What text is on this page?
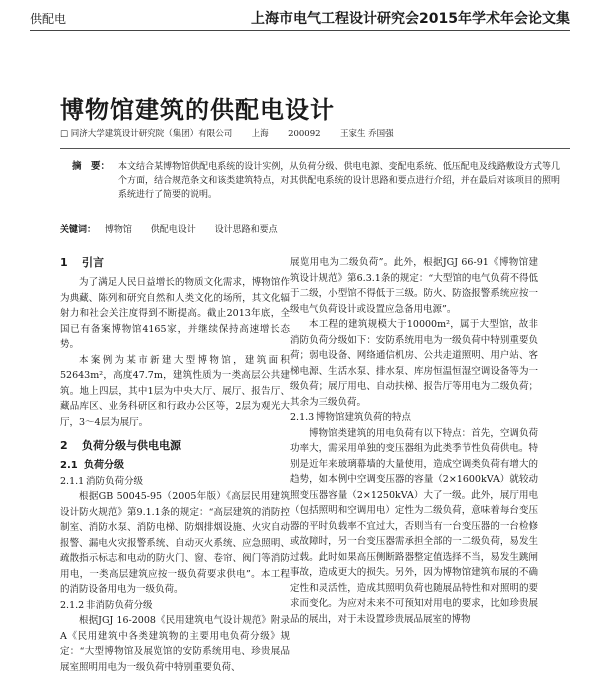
供配电	上海市电气工程设计研究会2015年学术年会论文集
博物馆建筑的供配电设计
□ 同济大学建筑设计研究院（集团）有限公司 上海 200092 王家生 乔国强
摘　要： 本文结合某博物馆供配电系统的设计实例，从负荷分级、供电电源、变配电系统、低压配电及线路敷设方式等几个方面，结合规范条文和该类建筑特点，对其供配电系统的设计思路和要点进行介绍，并在最后对该项目的照明系统进行了简要的说明。
关键词： 博物馆 供配电设计 设计思路和要点
1 引言

为了满足人民日益增长的物质文化需求，博物馆作为典藏、陈列和研究自然和人类文化的场所，其文化辐射力和社会关注度得到不断提高。截止2013年底，全国已有备案博物馆4165家，并继续保持高速增长态势。

本案例为某市新建大型博物馆，建筑面积52643m²，高度47.7m，建筑性质为一类高层公共建筑。地上四层，其中1层为中央大厅、展厅、报告厅、藏品库区、业务科研区和行政办公区等，2层为观光大厅，3～4层为展厅。

2 负荷分级与供电电源
2.1 负荷分级
2.1.1 消防负荷分级

根据GB 50045-95（2005年版）《高层民用建筑设计防火规范》第9.1.1条的规定：“高层建筑的消防控制室、消防水泵、消防电梯、防烟排烟设施、火灾自动报警、漏电火灾报警系统、自动灭火系统、应急照明、疏散指示标志和电动的防火门、窗、卷帘、阀门等消防用电，一类高层建筑应按一级负荷要求供电”。本工程的消防设备用电为一级负荷。

2.1.2 非消防负荷分级

根据JGJ 16-2008《民用建筑电气设计规范》附录A《民用建筑中各类建筑物的主要用电负荷分级》规定：“大型博物馆及展览馆的安防系统用电、珍贵展品展室照明用电为一级负荷中特别重要负荷、

展览用电为二级负荷”。此外，根据JGJ 66-91《博物馆建筑设计规范》第6.3.1条的规定：“大型馆的电气负荷不得低于二级，小型馆不得低于三级。防火、防盗报警系统应按一级电气负荷设计或设置应急备用电源”。

本工程的建筑规模大于10000m²，属于大型馆，故非消防负荷分级如下：安防系统用电为一级负荷中特别重要负荷；弱电设备、网络通信机房、公共走道照明、用户站、客梯电源、生活水泵、排水泵、库房恒温恒湿空调设备等为一级负荷；展厅用电、自动扶梯、报告厅等用电为二级负荷；其余为三级负荷。

2.1.3 博物馆建筑负荷的特点

博物馆类建筑的用电负荷有以下特点：首先，空调负荷功率大，需采用单独的变压器组为此类季节性负荷供电。特别是近年来玻璃幕墙的大量使用，造成空调类负荷有增大的趋势，如本例中空调变压器的容量（2×1600kVA）就较动照变压器容量（2×1250kVA）大了一级。此外，展厅用电（包括照明和空调用电）定性为二级负荷，意味着每台变压器的平时负载率不宜过大，否则当有一台变压器的一台检修或故障时，另一台变压器需承担全部的一二级负荷，易发生过载。此时如果高压侧断路器整定值选择不当，易发生跳闸事故，造成更大的损失。另外，因为博物馆建筑布展的不确定性和灵活性，造成其照明负荷也随展品特性和对照明的要求而变化。为应对未来不可预知对用电的要求，比如珍贵展品的展出，对于未设置珍贵展品展室的博物
